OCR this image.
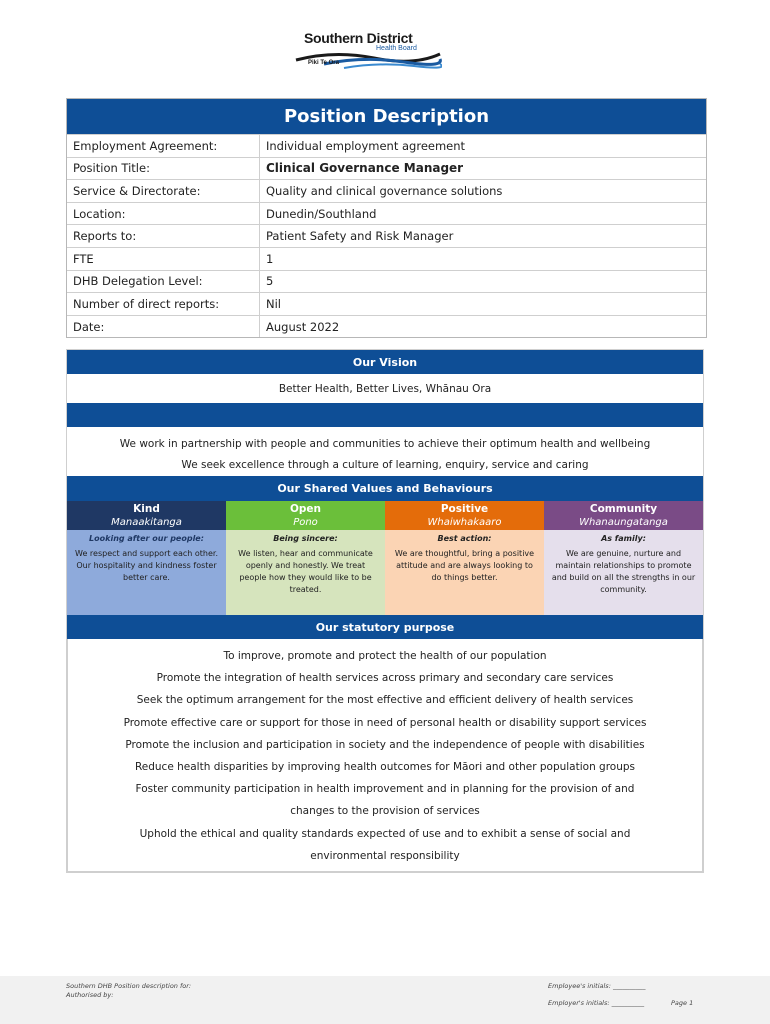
Southern District
Health Board
Piki Te Ora
Position Description
Employment Agreement:	Individual employment agreement
Position Title:	Clinical Governance Manager
Service & Directorate:	Quality and clinical governance solutions
Location:	Dunedin/Southland
Reports to:	Patient Safety and Risk Manager
FTE	1
DHB Delegation Level:	5
Number of direct reports:	Nil
Date:	August 2022
Our Vision
Better Health, Better Lives, Whānau Ora
We work in partnership with people and communities to achieve their optimum health and wellbeing
We seek excellence through a culture of learning, enquiry, service and caring
Our Shared Values and Behaviours
Kind
Manaakitanga
Looking after our people:
We respect and support each other. Our hospitality and kindness foster better care.
Open
Pono
Being sincere:
We listen, hear and communicate openly and honestly. We treat people how they would like to be treated.
Positive
Whaiwhakaaro
Best action:
We are thoughtful, bring a positive attitude and are always looking to do things better.
Community
Whanaungatanga
As family:
We are genuine, nurture and maintain relationships to promote and build on all the strengths in our community.
Our statutory purpose
To improve, promote and protect the health of our population
Promote the integration of health services across primary and secondary care services
Seek the optimum arrangement for the most effective and efficient delivery of health services
Promote effective care or support for those in need of personal health or disability support services
Promote the inclusion and participation in society and the independence of people with disabilities
Reduce health disparities by improving health outcomes for Māori and other population groups
Foster community participation in health improvement and in planning for the provision of and
changes to the provision of services
Uphold the ethical and quality standards expected of use and to exhibit a sense of social and
environmental responsibility
Southern DHB Position description for:
Authorised by:
Employee's initials: __________
Employer's initials: __________	Page 1
